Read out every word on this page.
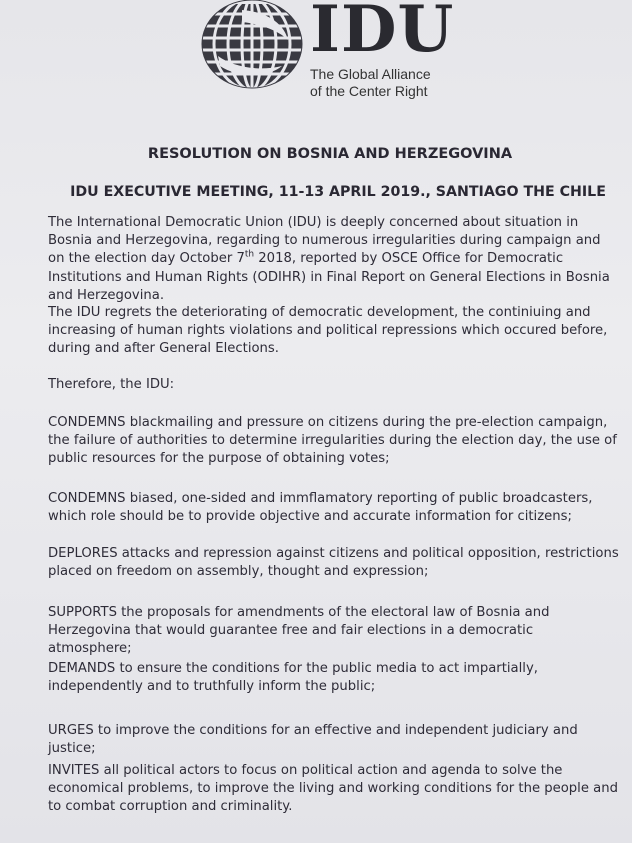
IDU
The Global Alliance
of the Center Right
RESOLUTION ON BOSNIA AND HERZEGOVINA
IDU EXECUTIVE MEETING, 11-13 APRIL 2019., SANTIAGO THE CHILE
The International Democratic Union (IDU) is deeply concerned about situation in Bosnia and Herzegovina, regarding to numerous irregularities during campaign and on the election day October 7th 2018, reported by OSCE Office for Democratic Institutions and Human Rights (ODIHR) in Final Report on General Elections in Bosnia and Herzegovina.
The IDU regrets the deteriorating of democratic development, the continiuing and increasing of human rights violations and political repressions which occured before, during and after General Elections.
Therefore, the IDU:
CONDEMNS blackmailing and pressure on citizens during the pre-election campaign, the failure of authorities to determine irregularities during the election day, the use of public resources for the purpose of obtaining votes;
CONDEMNS biased, one-sided and immflamatory reporting of public broadcasters, which role should be to provide objective and accurate information for citizens;
DEPLORES attacks and repression against citizens and political opposition, restrictions placed on freedom on assembly, thought and expression;
SUPPORTS the proposals for amendments of the electoral law of Bosnia and Herzegovina that would guarantee free and fair elections in a democratic atmosphere;
DEMANDS to ensure the conditions for the public media to act impartially, independently and to truthfully inform the public;
URGES to improve the conditions for an effective and independent judiciary and justice;
INVITES all political actors to focus on political action and agenda to solve the economical problems, to improve the living and working conditions for the people and to combat corruption and criminality.
